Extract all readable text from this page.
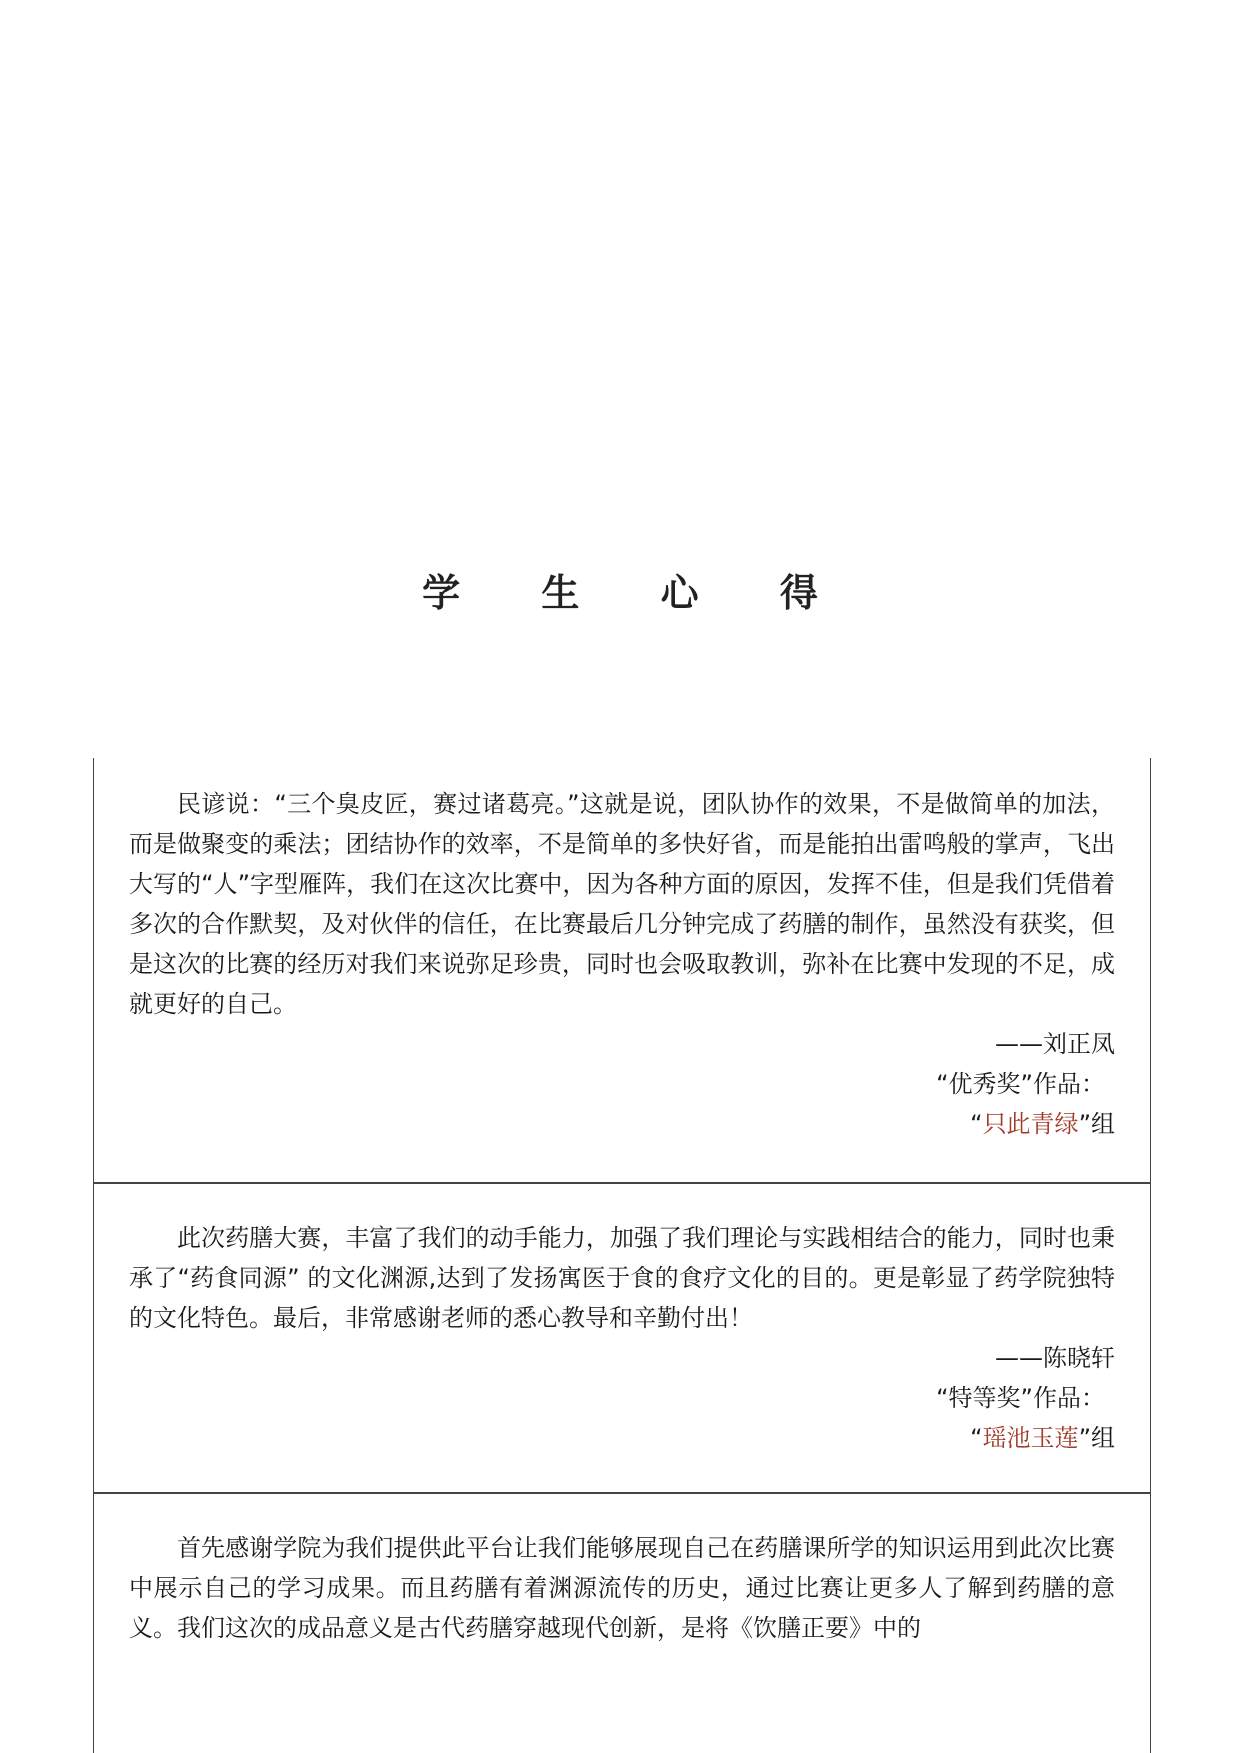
学 生 心 得

民谚说：“三个臭皮匠，赛过诸葛亮。”这就是说，团队协作的效果，不是做简单的加法，而是做聚变的乘法；团结协作的效率，不是简单的多快好省，而是能拍出雷鸣般的掌声，飞出大写的“人”字型雁阵，我们在这次比赛中，因为各种方面的原因，发挥不佳，但是我们凭借着多次的合作默契，及对伙伴的信任，在比赛最后几分钟完成了药膳的制作，虽然没有获奖，但是这次的比赛的经历对我们来说弥足珍贵，同时也会吸取教训，弥补在比赛中发现的不足，成就更好的自己。

——刘正凤

“优秀奖”作品：

“只此青绿”组

此次药膳大赛，丰富了我们的动手能力，加强了我们理论与实践相结合的能力，同时也秉承了“药食同源” 的文化渊源,达到了发扬寓医于食的食疗文化的目的。更是彰显了药学院独特的文化特色。最后，非常感谢老师的悉心教导和辛勤付出！

——陈晓轩

“特等奖”作品：

“瑶池玉莲”组

首先感谢学院为我们提供此平台让我们能够展现自己在药膳课所学的知识运用到此次比赛中展示自己的学习成果。而且药膳有着渊源流传的历史，通过比赛让更多人了解到药膳的意义。我们这次的成品意义是古代药膳穿越现代创新，是将《饮膳正要》中的
